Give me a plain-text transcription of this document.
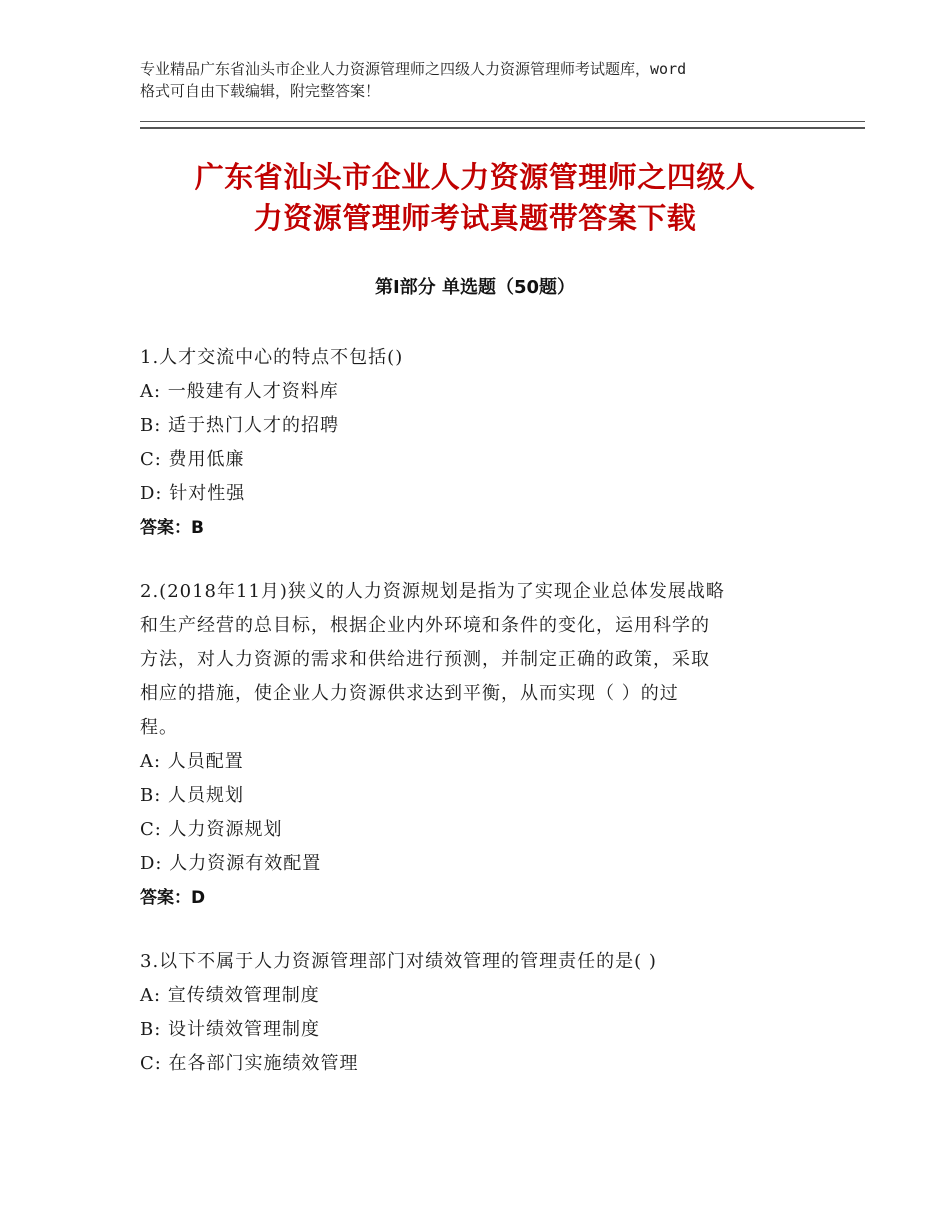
专业精品广东省汕头市企业人力资源管理师之四级人力资源管理师考试题库，word
格式可自由下载编辑，附完整答案！
广东省汕头市企业人力资源管理师之四级人
力资源管理师考试真题带答案下载
第Ⅰ部分 单选题（50题）
1.人才交流中心的特点不包括()
A: 一般建有人才资料库
B: 适于热门人才的招聘
C: 费用低廉
D: 针对性强
答案：B
2.(2018年11月)狭义的人力资源规划是指为了实现企业总体发展战略
和生产经营的总目标，根据企业内外环境和条件的变化，运用科学的
方法，对人力资源的需求和供给进行预测，并制定正确的政策，采取
相应的措施，使企业人力资源供求达到平衡，从而实现（ ）的过
程。
A: 人员配置
B: 人员规划
C: 人力资源规划
D: 人力资源有效配置
答案：D
3.以下不属于人力资源管理部门对绩效管理的管理责任的是( )
A: 宣传绩效管理制度
B: 设计绩效管理制度
C: 在各部门实施绩效管理
